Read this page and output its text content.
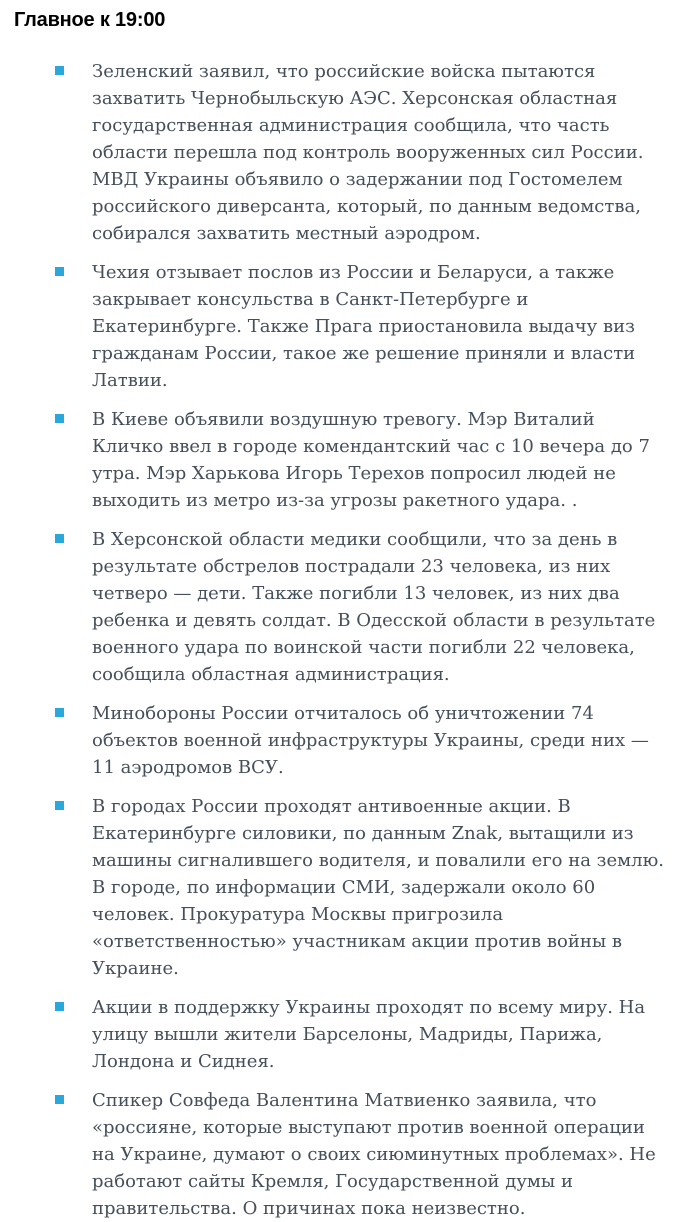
Главное к 19:00

Зеленский заявил, что российские войска пытаются захватить Чернобыльскую АЭС. Херсонская областная государственная администрация сообщила, что часть области перешла под контроль вооруженных сил России. МВД Украины объявило о задержании под Гостомелем российского диверсанта, который, по данным ведомства, собирался захватить местный аэродром.

Чехия отзывает послов из России и Беларуси, а также закрывает консульства в Санкт-Петербурге и Екатеринбурге. Также Прага приостановила выдачу виз гражданам России, такое же решение приняли и власти Латвии.

В Киеве объявили воздушную тревогу. Мэр Виталий Кличко ввел в городе комендантский час с 10 вечера до 7 утра. Мэр Харькова Игорь Терехов попросил людей не выходить из метро из-за угрозы ракетного удара. .

В Херсонской области медики сообщили, что за день в результате обстрелов пострадали 23 человека, из них четверо — дети. Также погибли 13 человек, из них два ребенка и девять солдат. В Одесской области в результате военного удара по воинской части погибли 22 человека, сообщила областная администрация.

Минобороны России отчиталось об уничтожении 74 объектов военной инфраструктуры Украины, среди них — 11 аэродромов ВСУ.

В городах России проходят антивоенные акции. В Екатеринбурге силовики, по данным Znak, вытащили из машины сигналившего водителя, и повалили его на землю. В городе, по информации СМИ, задержали около 60 человек. Прокуратура Москвы пригрозила «ответственностью» участникам акции против войны в Украине.

Акции в поддержку Украины проходят по всему миру. На улицу вышли жители Барселоны, Мадриды, Парижа, Лондона и Сиднея.

Спикер Совфеда Валентина Матвиенко заявила, что «россияне, которые выступают против военной операции на Украине, думают о своих сиюминутных проблемах». Не работают сайты Кремля, Государственной думы и правительства. О причинах пока неизвестно.
